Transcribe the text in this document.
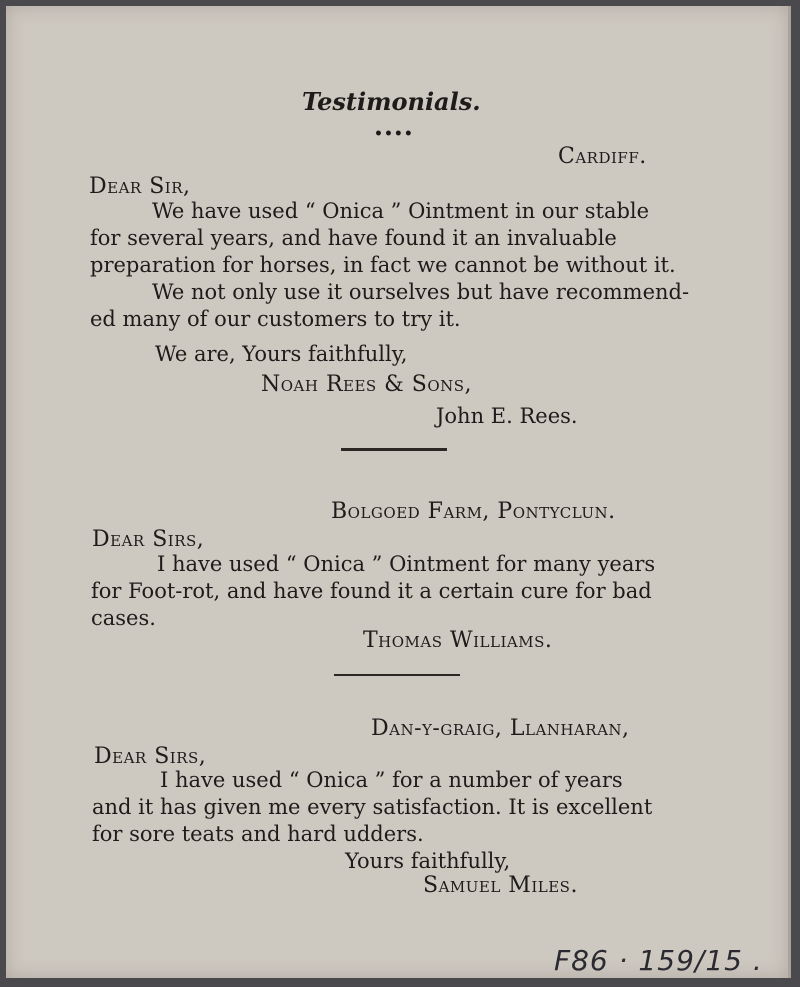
Testimonials.
••••
Cardiff.
Dear Sir,
We have used “ Onica ” Ointment in our stable
for several years, and have found it an invaluable
preparation for horses, in fact we cannot be without it.
We not only use it ourselves but have recommend-
ed many of our customers to try it.
We are, Yours faithfully,
Noah Rees & Sons,
John E. Rees.
Bolgoed Farm, Pontyclun.
Dear Sirs,
I have used “ Onica ” Ointment for many years
for Foot-rot, and have found it a certain cure for bad
cases.
Thomas Williams.
Dan-y-graig, Llanharan,
Dear Sirs,
I have used “ Onica ” for a number of years
and it has given me every satisfaction. It is excellent
for sore teats and hard udders.
Yours faithfully,
Samuel Miles.
F86 · 159/15 .
